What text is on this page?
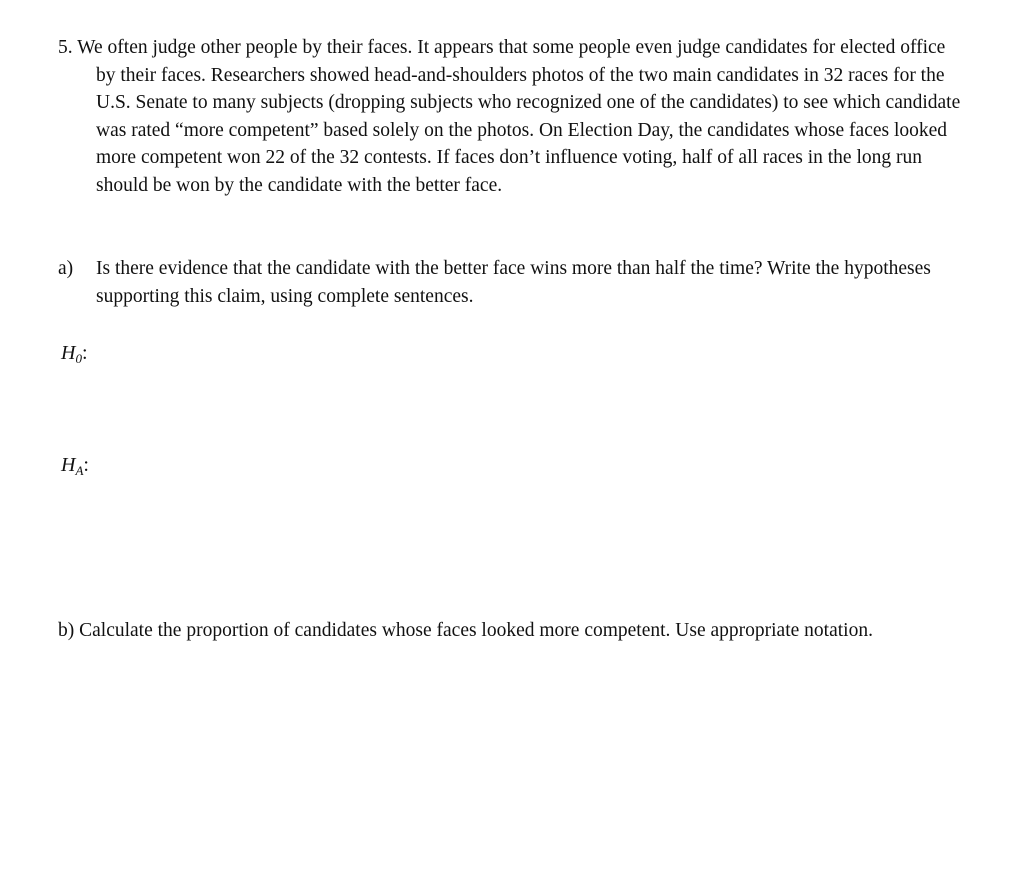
5. We often judge other people by their faces. It appears that some people even judge candidates for elected office by their faces. Researchers showed head-and-shoulders photos of the two main candidates in 32 races for the U.S. Senate to many subjects (dropping subjects who recognized one of the candidates) to see which candidate was rated “more competent” based solely on the photos. On Election Day, the candidates whose faces looked more competent won 22 of the 32 contests. If faces don’t influence voting, half of all races in the long run should be won by the candidate with the better face.

a) Is there evidence that the candidate with the better face wins more than half the time? Write the hypotheses supporting this claim, using complete sentences.

$H_0$:
$H_A$:

b) Calculate the proportion of candidates whose faces looked more competent. Use appropriate notation.
